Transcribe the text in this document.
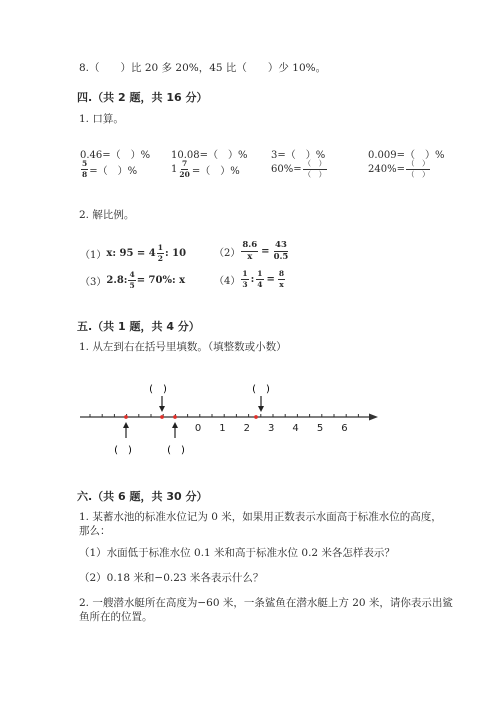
8.（　　）比 20 多 20%，45 比（　　）少 10%。
四.（共 2 题，共 16 分）
1. 口算。
0.46=（　）% 10.08=（　）% 3=（　）%	0.009=（　）%
$\frac{5}{8}$ =（　）%	$1 \frac{7}{20}$ =（　）%	$60\%= \frac{( )}{( )}$	$240\%= \frac{( )}{( )}$
2. 解比例。
（1） x: $95 = 4 \frac{1}{2}$ : 10	$(2) \frac{8.6}{x} = \frac{43}{0.5}$
（3） 2.8: $\frac{4}{5} = 70\%$: x	$(4) \frac{1}{3}$ : $\frac{1}{4} = \frac{8}{x}$
五.（共 1 题，共 4 分）
1. 从左到右在括号里填数。（填整数或小数）
0 1 2 3 4 5 6
(　)	(　)
(　)	(　)
六.（共 6 题，共 30 分）
1. 某蓄水池的标准水位记为 0 米，如果用正数表示水面高于标准水位的高度，
那么：
（1）水面低于标准水位 0.1 米和高于标准水位 0.2 米各怎样表示？
（2）0.18 米和−0.23 米各表示什么？
2. 一艘潜水艇所在高度为−60 米，一条鲨鱼在潜水艇上方 20 米，请你表示出鲨
鱼所在的位置。
